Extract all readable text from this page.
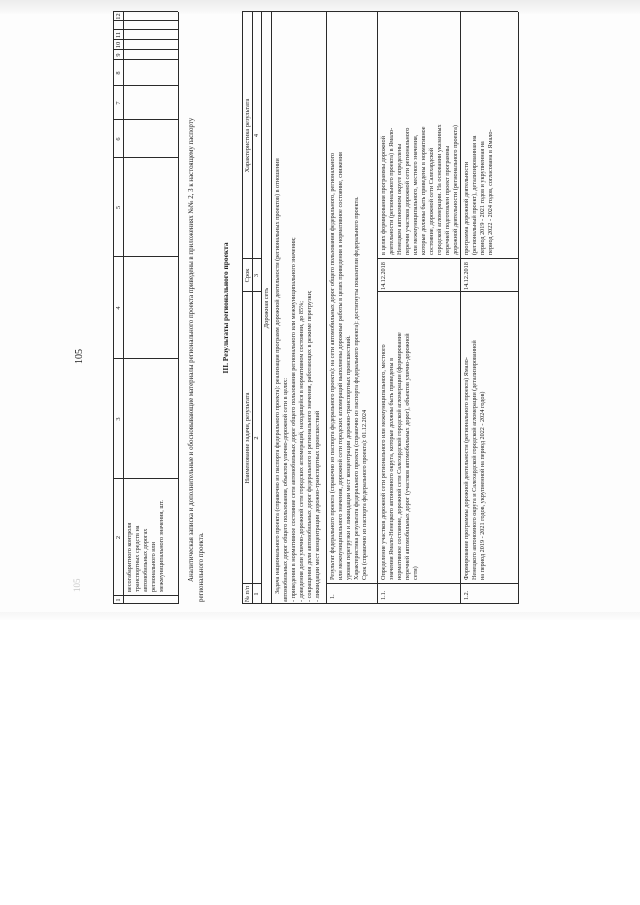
105
105
1
2
3
4
5
6
7
8
9
10
11
12
весогабаритного контроля транспортных средств на автомобильных дорогах регионального или межмуниципального значения, шт.	Аналитическая записка и дополнительные и обосновывающие материалы регионального проекта приведены в приложениях №№ 2, 3 к настоящему паспорту регионального проекта.
III. Результаты регионального проекта
№ п/п
Наименование задачи, результата
Срок
Характеристика результата
1
2
3
4
Дорожная сеть Задача национального проекта (справочно из паспорта федерального проекта): реализация программ дорожной деятельности (региональных проектов) в отношении автомобильных дорог общего пользования, объектов улично-дорожной сети в целях: - приведения в нормативное состояние сети автомобильных дорог общего пользования регионального или межмуниципального значения; - доведения доли улично-дорожной сети городских агломераций, находящейся в нормативном состоянии, до 85%; - сокращения доли автомобильных дорог федерального и регионального значения, работающих в режиме перегрузки; - ликвидации мест концентрации дорожно-транспортных происшествий 1.
Результат федерального проекта (справочно из паспорта федерального проекта): на сети автомобильных дорог общего пользования федерального, регионального или межмуниципального значения, дорожной сети городских агломераций выполнены дорожные работы в целях приведения в нормативное состояние, снижения уровня перегрузки и ликвидации мест концентрации дорожно-транспортных происшествий. Характеристика результата федерального проекта (справочно из паспорта федерального проекта): достигнуты показатели федерального проекта. Срок (справочно из паспорта федерального проекта): 01.12.2024
1.1.
Определение участков дорожной сети регионального или межмуниципального, местного значения Ямало-Ненецкого автономного округа, которые должны быть приведены в нормативное состояние, дорожной сети Салехардской городской агломерации (формирование перечней автомобильных дорог (участков автомобильных дорог), объектов улично-дорожной сети)
14.12.2018
в целях формирования программы дорожной деятельности (регионального проекта) в Ямало- Ненецком автономном округе определены перечни участков дорожной сети регионального или межмуниципального, местного значения, которые должны быть приведены в нормативное состояние, дорожной сети Салехардской городской агломерации. На основании указанных перечней подготовлен проект программы дорожной деятельности (регионального проекта)
1.2.
Формирование программы дорожной деятельности (регионального проекта) Ямало- Ненецкого автономного округа и Салехардской городской агломерации (детализированной на период 2019 - 2021 годов, укрупненной на период 2022 - 2024 годов)
14.12.2018
программа дорожной деятельности (региональный проект), детализированная на период 2019 - 2021 годов и укрупненная на период 2022 - 2024 годов, согласована в Ямало-
